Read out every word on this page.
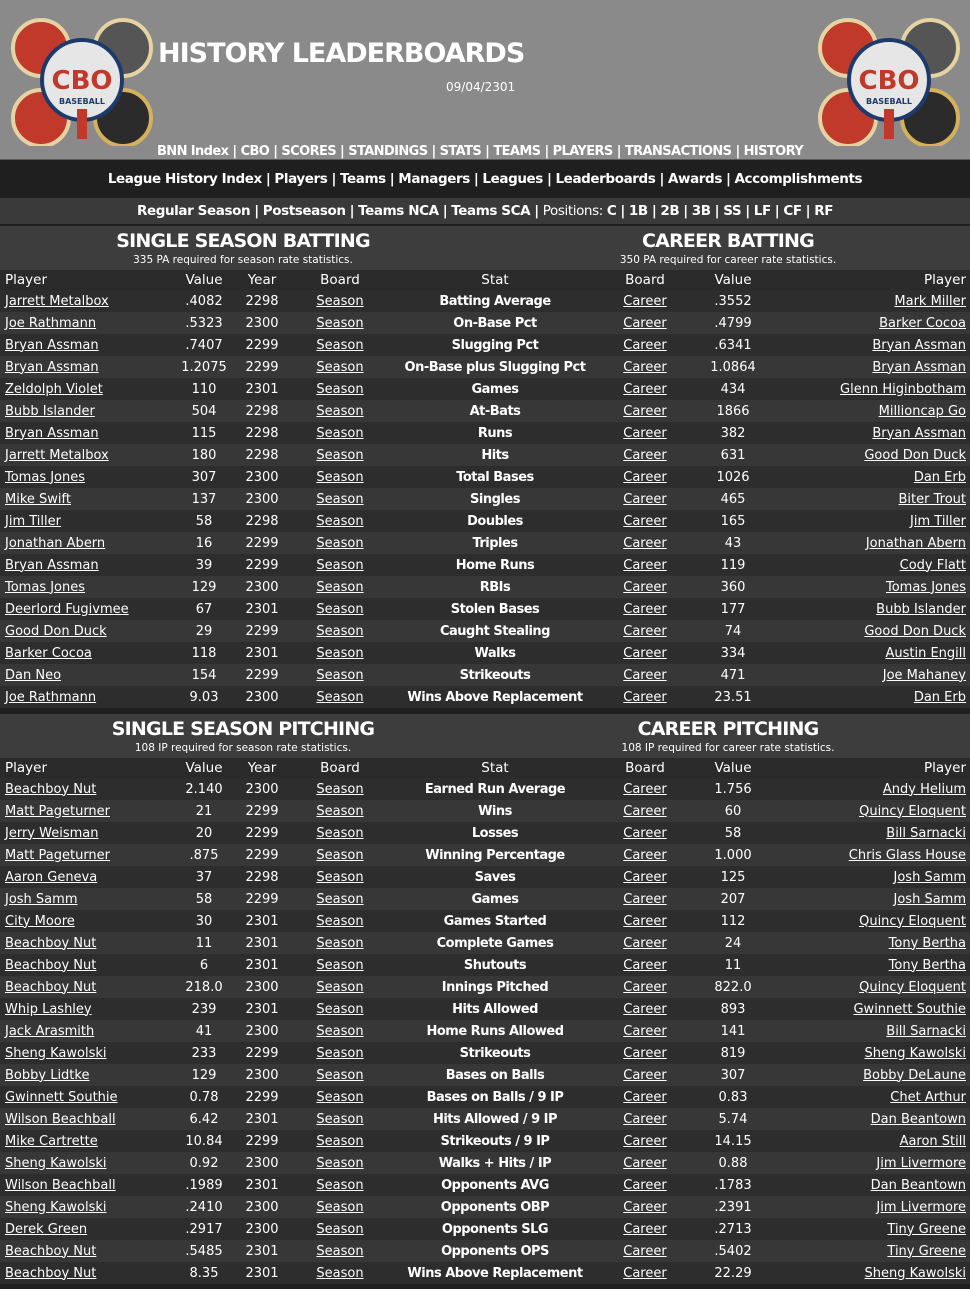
CBO
BASEBALL
HISTORY LEADERBOARDS
09/04/2301
BNN Index | CBO | SCORES | STANDINGS | STATS | TEAMS | PLAYERS | TRANSACTIONS | HISTORY
CBO
BASEBALL
League History Index | Players | Teams | Managers | Leagues | Leaderboards | Awards | Accomplishments
Regular Season | Postseason | Teams NCA | Teams SCA | Positions: C | 1B | 2B | 3B | SS | LF | CF | RF
SINGLE SEASON BATTING
335 PA required for season rate statistics.
CAREER BATTING
350 PA required for career rate statistics.
Player	Value	Year	Board	Stat	Board	Value	Player
Jarrett Metalbox	.4082	2298	Season	Batting Average	Career	.3552	Mark Miller
Joe Rathmann	.5323	2300	Season	On-Base Pct	Career	.4799	Barker Cocoa
Bryan Assman	.7407	2299	Season	Slugging Pct	Career	.6341	Bryan Assman
Bryan Assman	1.2075	2299	Season	On-Base plus Slugging Pct	Career	1.0864	Bryan Assman
Zeldolph Violet	110	2301	Season	Games	Career	434	Glenn Higinbotham
Bubb Islander	504	2298	Season	At-Bats	Career	1866	Millioncap Go
Bryan Assman	115	2298	Season	Runs	Career	382	Bryan Assman
Jarrett Metalbox	180	2298	Season	Hits	Career	631	Good Don Duck
Tomas Jones	307	2300	Season	Total Bases	Career	1026	Dan Erb
Mike Swift	137	2300	Season	Singles	Career	465	Biter Trout
Jim Tiller	58	2298	Season	Doubles	Career	165	Jim Tiller
Jonathan Abern	16	2299	Season	Triples	Career	43	Jonathan Abern
Bryan Assman	39	2299	Season	Home Runs	Career	119	Cody Flatt
Tomas Jones	129	2300	Season	RBIs	Career	360	Tomas Jones
Deerlord Fugivmee	67	2301	Season	Stolen Bases	Career	177	Bubb Islander
Good Don Duck	29	2299	Season	Caught Stealing	Career	74	Good Don Duck
Barker Cocoa	118	2301	Season	Walks	Career	334	Austin Engill
Dan Neo	154	2299	Season	Strikeouts	Career	471	Joe Mahaney
Joe Rathmann	9.03	2300	Season	Wins Above Replacement	Career	23.51	Dan Erb
SINGLE SEASON PITCHING
108 IP required for season rate statistics.
CAREER PITCHING
108 IP required for career rate statistics.
Player	Value	Year	Board	Stat	Board	Value	Player
Beachboy Nut	2.140	2300	Season	Earned Run Average	Career	1.756	Andy Helium
Matt Pageturner	21	2299	Season	Wins	Career	60	Quincy Eloquent
Jerry Weisman	20	2299	Season	Losses	Career	58	Bill Sarnacki
Matt Pageturner	.875	2299	Season	Winning Percentage	Career	1.000	Chris Glass House
Aaron Geneva	37	2298	Season	Saves	Career	125	Josh Samm
Josh Samm	58	2299	Season	Games	Career	207	Josh Samm
City Moore	30	2301	Season	Games Started	Career	112	Quincy Eloquent
Beachboy Nut	11	2301	Season	Complete Games	Career	24	Tony Bertha
Beachboy Nut	6	2301	Season	Shutouts	Career	11	Tony Bertha
Beachboy Nut	218.0	2300	Season	Innings Pitched	Career	822.0	Quincy Eloquent
Whip Lashley	239	2301	Season	Hits Allowed	Career	893	Gwinnett Southie
Jack Arasmith	41	2300	Season	Home Runs Allowed	Career	141	Bill Sarnacki
Sheng Kawolski	233	2299	Season	Strikeouts	Career	819	Sheng Kawolski
Bobby Lidtke	129	2300	Season	Bases on Balls	Career	307	Bobby DeLaune
Gwinnett Southie	0.78	2299	Season	Bases on Balls / 9 IP	Career	0.83	Chet Arthur
Wilson Beachball	6.42	2301	Season	Hits Allowed / 9 IP	Career	5.74	Dan Beantown
Mike Cartrette	10.84	2299	Season	Strikeouts / 9 IP	Career	14.15	Aaron Still
Sheng Kawolski	0.92	2300	Season	Walks + Hits / IP	Career	0.88	Jim Livermore
Wilson Beachball	.1989	2301	Season	Opponents AVG	Career	.1783	Dan Beantown
Sheng Kawolski	.2410	2300	Season	Opponents OBP	Career	.2391	Jim Livermore
Derek Green	.2917	2300	Season	Opponents SLG	Career	.2713	Tiny Greene
Beachboy Nut	.5485	2301	Season	Opponents OPS	Career	.5402	Tiny Greene
Beachboy Nut	8.35	2301	Season	Wins Above Replacement	Career	22.29	Sheng Kawolski
